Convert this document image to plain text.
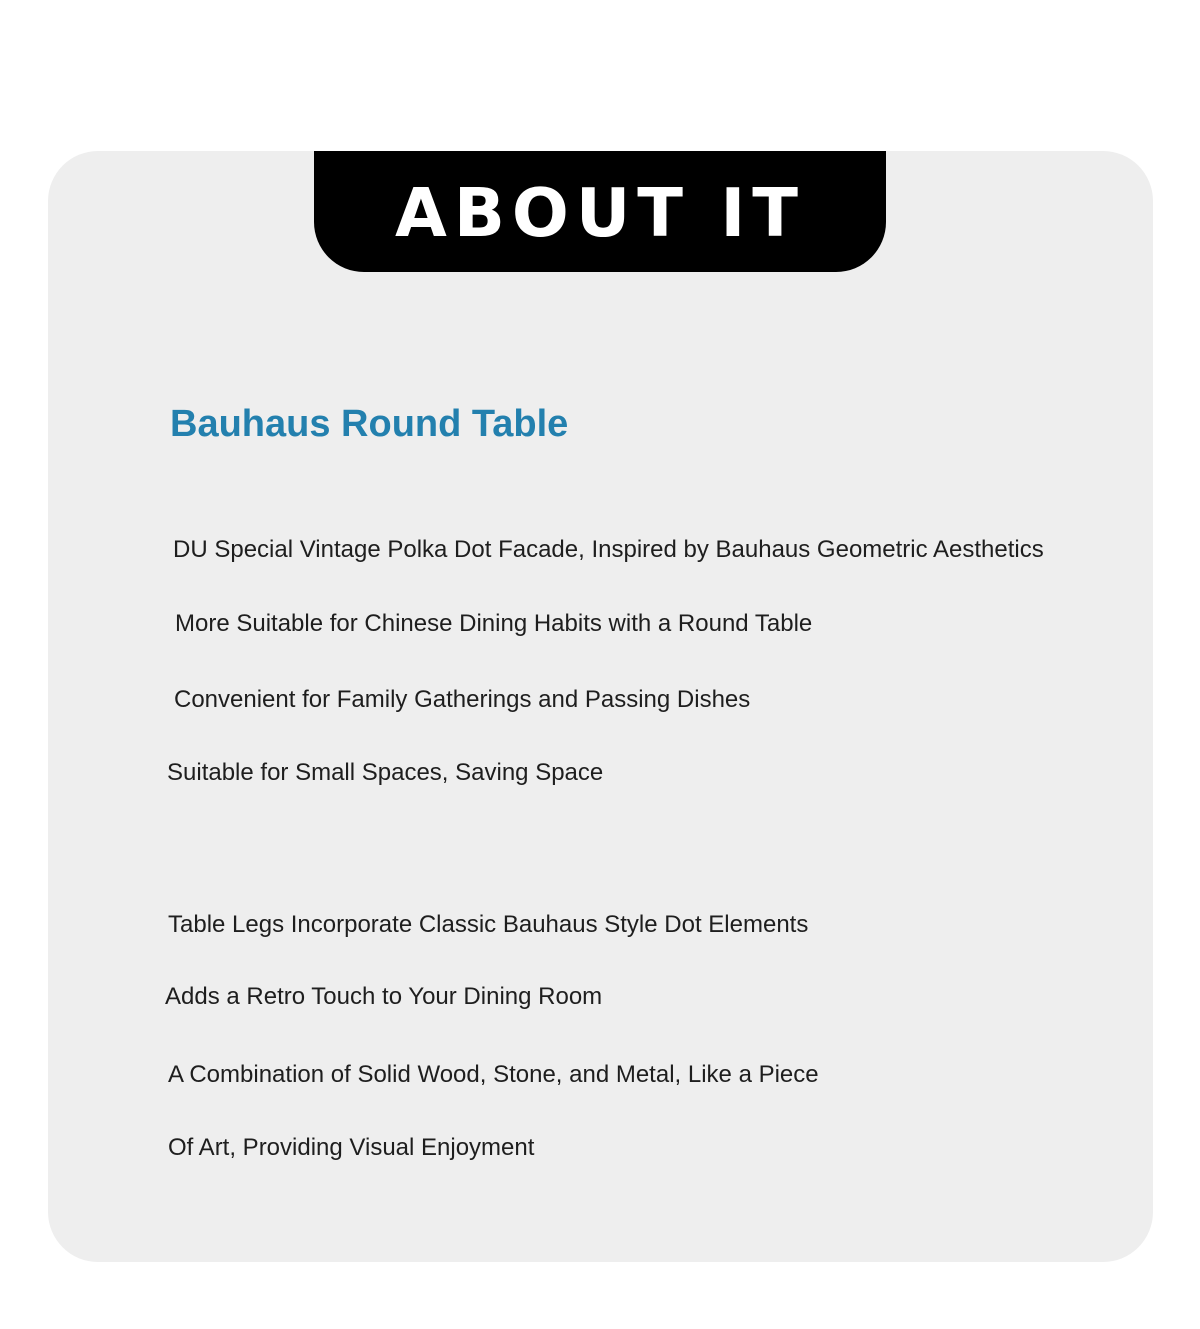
ABOUT IT
Bauhaus Round Table

DU Special Vintage Polka Dot Facade, Inspired by Bauhaus Geometric Aesthetics

More Suitable for Chinese Dining Habits with a Round Table

Convenient for Family Gatherings and Passing Dishes

Suitable for Small Spaces, Saving Space

Table Legs Incorporate Classic Bauhaus Style Dot Elements

Adds a Retro Touch to Your Dining Room

A Combination of Solid Wood, Stone, and Metal, Like a Piece

Of Art, Providing Visual Enjoyment
